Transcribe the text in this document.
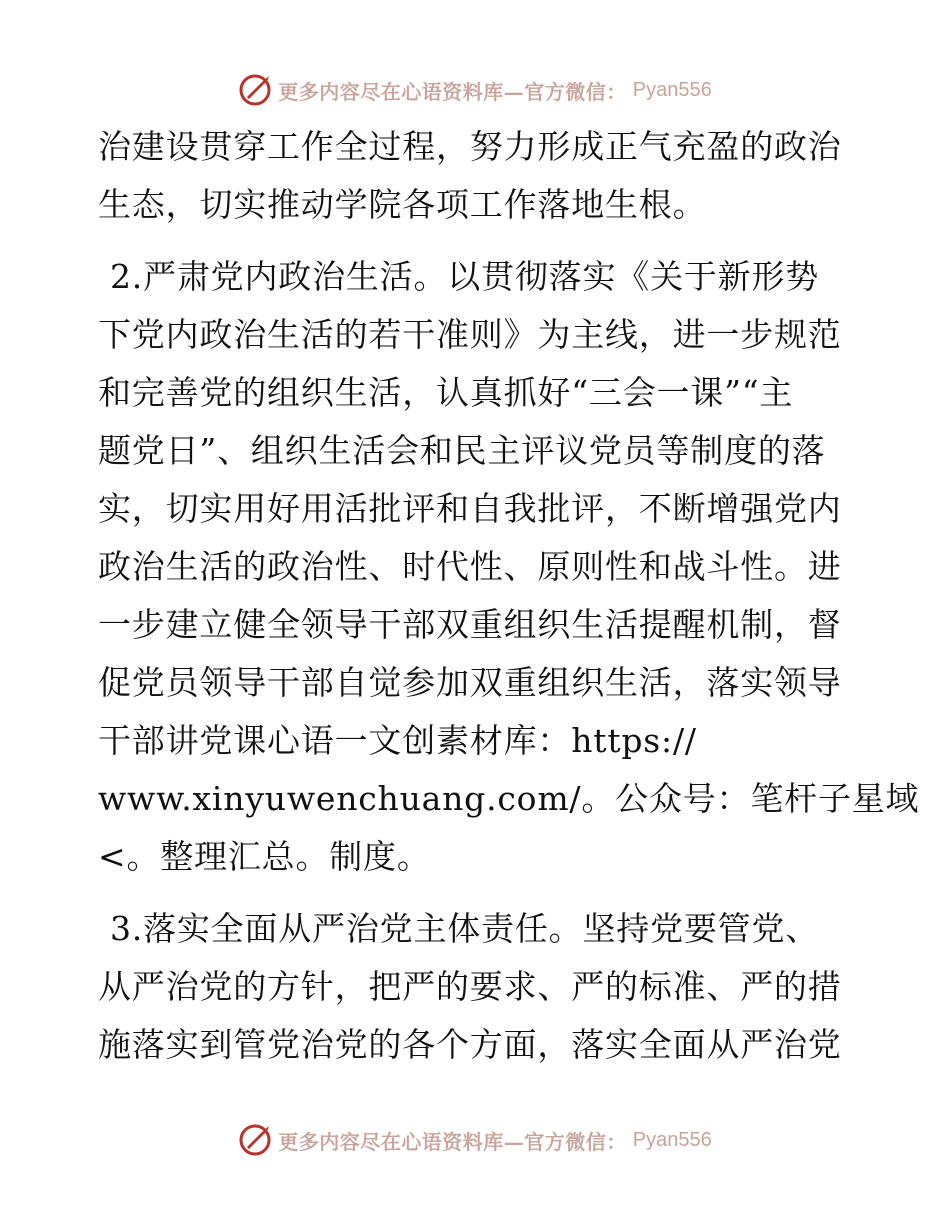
更多内容尽在心语资料库—官方微信： Pyan556
治建设贯穿工作全过程，努力形成正气充盈的政治
生态，切实推动学院各项工作落地生根。
2.严肃党内政治生活。以贯彻落实《关于新形势
下党内政治生活的若干准则》为主线，进一步规范
和完善党的组织生活，认真抓好“三会一课”“主
题党日”、组织生活会和民主评议党员等制度的落
实，切实用好用活批评和自我批评，不断增强党内
政治生活的政治性、时代性、原则性和战斗性。进
一步建立健全领导干部双重组织生活提醒机制，督
促党员领导干部自觉参加双重组织生活，落实领导
干部讲党课心语一文创素材库：https://
www.xinyuwenchuang.com/。公众号：笔杆子星域
<。整理汇总。制度。
3.落实全面从严治党主体责任。坚持党要管党、
从严治党的方针，把严的要求、严的标准、严的措
施落实到管党治党的各个方面，落实全面从严治党
更多内容尽在心语资料库—官方微信： Pyan556
